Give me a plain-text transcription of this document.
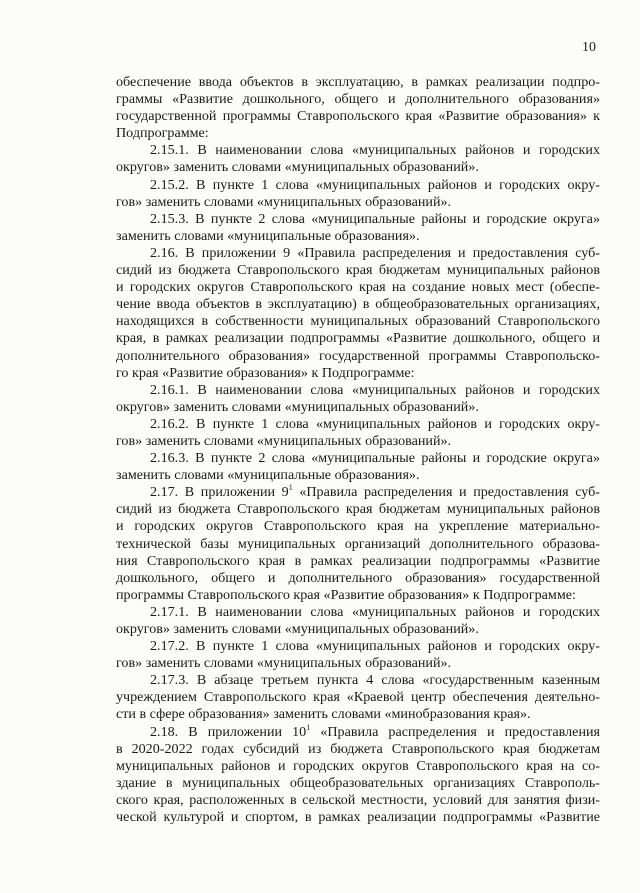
10

обеспечение ввода объектов в эксплуатацию, в рамках реализации подпро-
граммы «Развитие дошкольного, общего и дополнительного образования»
государственной программы Ставропольского края «Развитие образования» к
Подпрограмме:

2.15.1. В наименовании слова «муниципальных районов и городских
округов» заменить словами «муниципальных образований».

2.15.2. В пункте 1 слова «муниципальных районов и городских окру-
гов» заменить словами «муниципальных образований».

2.15.3. В пункте 2 слова «муниципальные районы и городские округа»
заменить словами «муниципальные образования».

2.16. В приложении 9 «Правила распределения и предоставления суб-
сидий из бюджета Ставропольского края бюджетам муниципальных районов
и городских округов Ставропольского края на создание новых мест (обеспе-
чение ввода объектов в эксплуатацию) в общеобразовательных организациях,
находящихся в собственности муниципальных образований Ставропольского
края, в рамках реализации подпрограммы «Развитие дошкольного, общего и
дополнительного образования» государственной программы Ставропольско-
го края «Развитие образования» к Подпрограмме:

2.16.1. В наименовании слова «муниципальных районов и городских
округов» заменить словами «муниципальных образований».

2.16.2. В пункте 1 слова «муниципальных районов и городских окру-
гов» заменить словами «муниципальных образований».

2.16.3. В пункте 2 слова «муниципальные районы и городские округа»
заменить словами «муниципальные образования».

2.17. В приложении $9^1$ «Правила распределения и предоставления суб-
сидий из бюджета Ставропольского края бюджетам муниципальных районов
и городских округов Ставропольского края на укрепление материально-
технической базы муниципальных организаций дополнительного образова-
ния Ставропольского края в рамках реализации подпрограммы «Развитие
дошкольного, общего и дополнительного образования» государственной
программы Ставропольского края «Развитие образования» к Подпрограмме:

2.17.1. В наименовании слова «муниципальных районов и городских
округов» заменить словами «муниципальных образований».

2.17.2. В пункте 1 слова «муниципальных районов и городских окру-
гов» заменить словами «муниципальных образований».

2.17.3. В абзаце третьем пункта 4 слова «государственным казенным
учреждением Ставропольского края «Краевой центр обеспечения деятельно-
сти в сфере образования» заменить словами «минобразования края».

2.18. В приложении $10^1$ «Правила распределения и предоставления
в 2020-2022 годах субсидий из бюджета Ставропольского края бюджетам
муниципальных районов и городских округов Ставропольского края на со-
здание в муниципальных общеобразовательных организациях Ставрополь-
ского края, расположенных в сельской местности, условий для занятия физи-
ческой культурой и спортом, в рамках реализации подпрограммы «Развитие
